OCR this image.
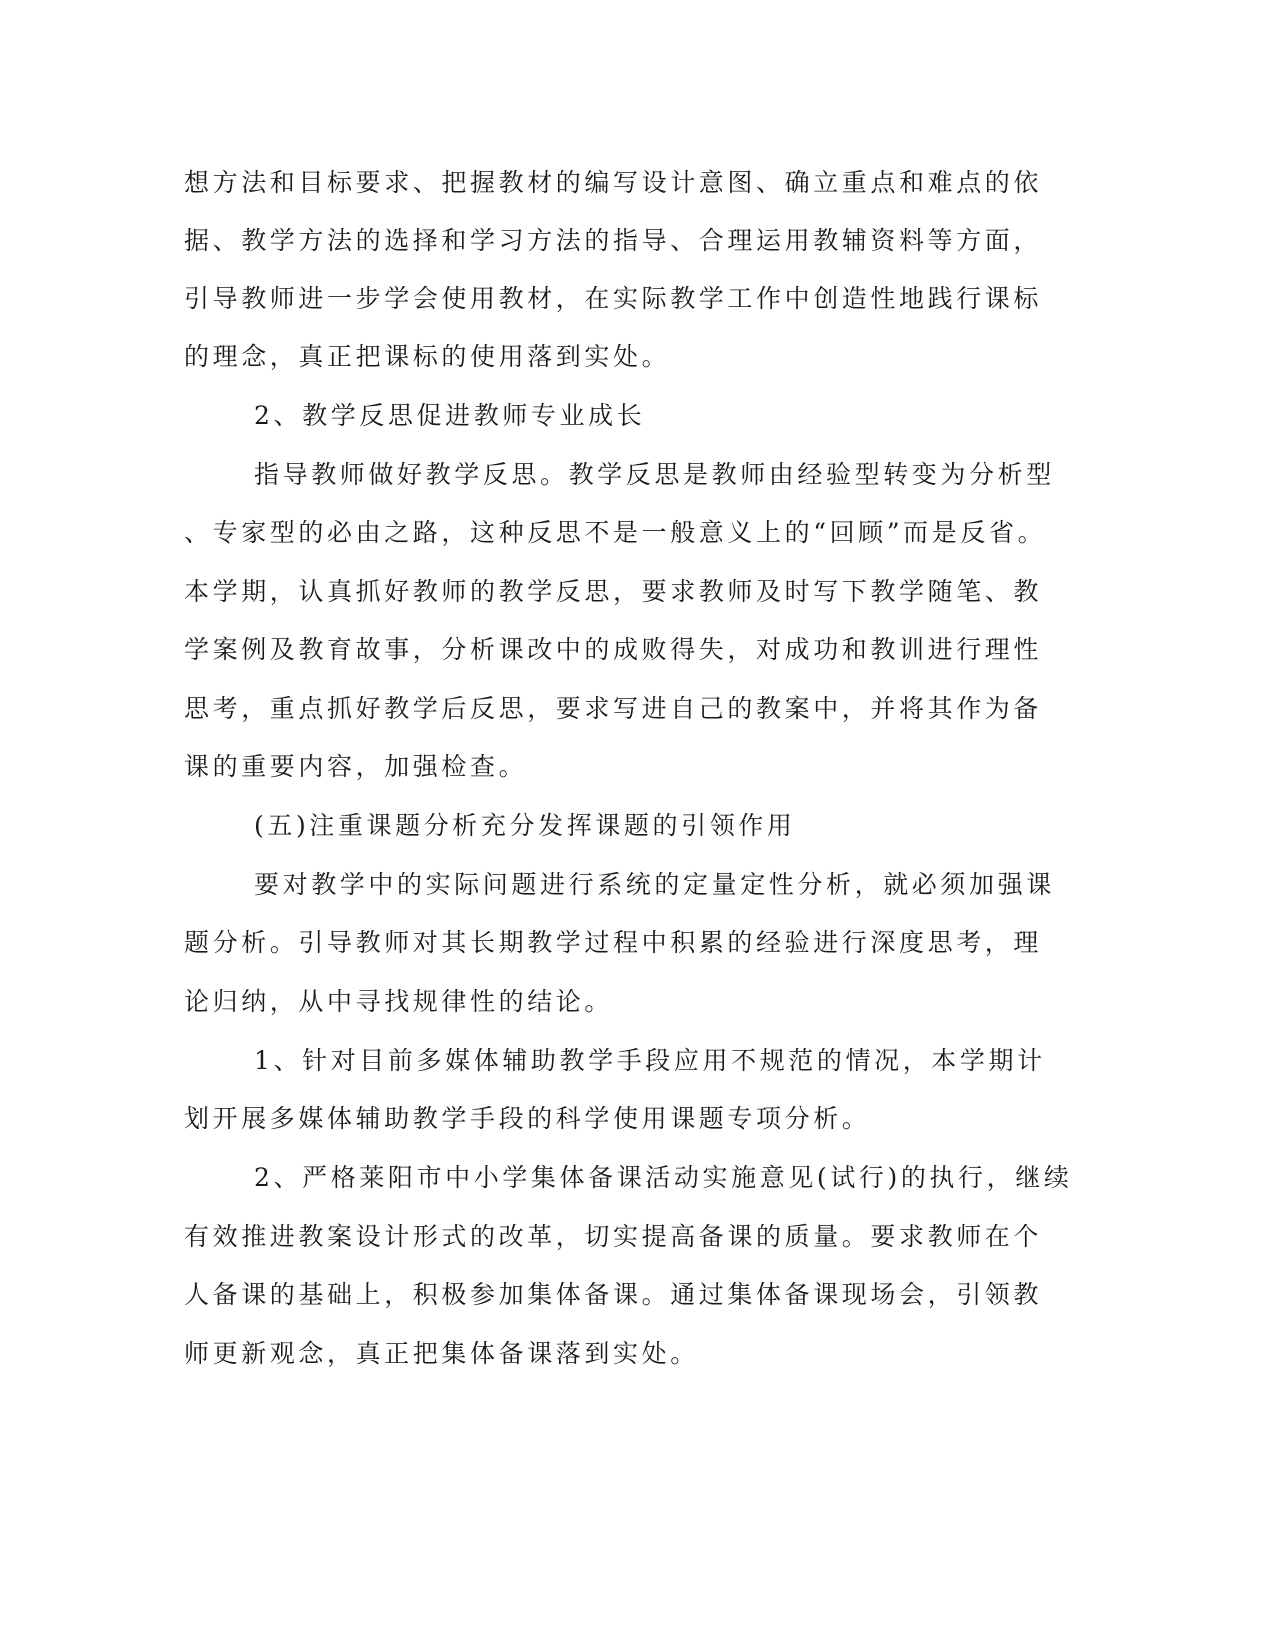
想方法和目标要求、把握教材的编写设计意图、确立重点和难点的依
据、教学方法的选择和学习方法的指导、合理运用教辅资料等方面，
引导教师进一步学会使用教材，在实际教学工作中创造性地践行课标
的理念，真正把课标的使用落到实处。
2、教学反思促进教师专业成长
指导教师做好教学反思。教学反思是教师由经验型转变为分析型
、专家型的必由之路，这种反思不是一般意义上的“回顾”而是反省。
本学期，认真抓好教师的教学反思，要求教师及时写下教学随笔、教
学案例及教育故事，分析课改中的成败得失，对成功和教训进行理性
思考，重点抓好教学后反思，要求写进自己的教案中，并将其作为备
课的重要内容，加强检查。
(五)注重课题分析充分发挥课题的引领作用
要对教学中的实际问题进行系统的定量定性分析，就必须加强课
题分析。引导教师对其长期教学过程中积累的经验进行深度思考，理
论归纳，从中寻找规律性的结论。
1、针对目前多媒体辅助教学手段应用不规范的情况，本学期计
划开展多媒体辅助教学手段的科学使用课题专项分析。
2、严格莱阳市中小学集体备课活动实施意见(试行)的执行，继续
有效推进教案设计形式的改革，切实提高备课的质量。要求教师在个
人备课的基础上，积极参加集体备课。通过集体备课现场会，引领教
师更新观念，真正把集体备课落到实处。
